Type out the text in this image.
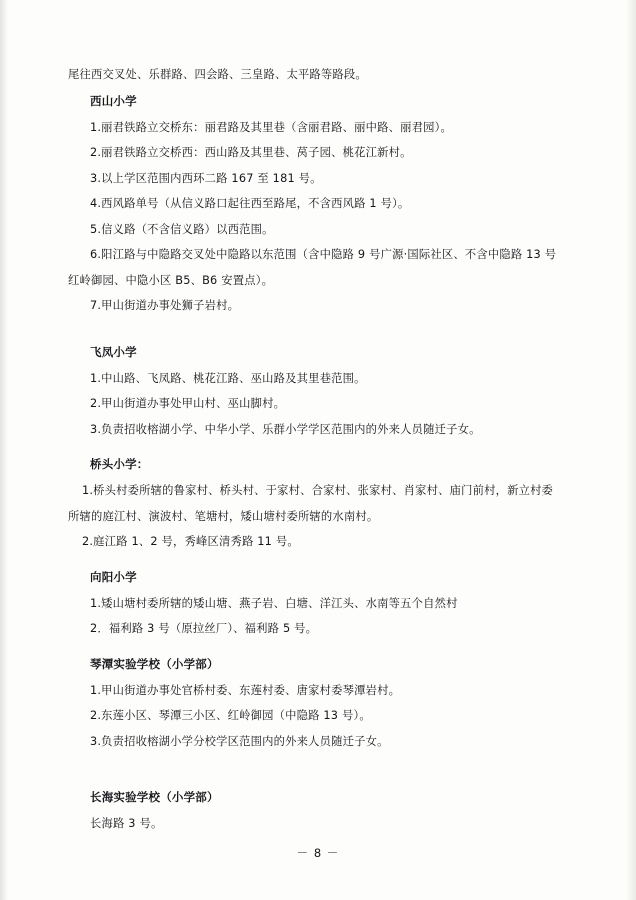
尾往西交叉处、乐群路、四会路、三皇路、太平路等路段。
西山小学
1.丽君铁路立交桥东：丽君路及其里巷（含丽君路、丽中路、丽君园）。
2.丽君铁路立交桥西：西山路及其里巷、莴子园、桃花江新村。
3.以上学区范围内西环二路 167 至 181 号。
4.西风路单号（从信义路口起往西至路尾，不含西风路 1 号）。
5.信义路（不含信义路）以西范围。
6.阳江路与中隐路交叉处中隐路以东范围（含中隐路 9 号广源·国际社区、不含中隐路 13 号
红岭御园、中隐小区 B5、B6 安置点）。
7.甲山街道办事处狮子岩村。
飞凤小学
1.中山路、飞凤路、桃花江路、巫山路及其里巷范围。
2.甲山街道办事处甲山村、巫山脚村。
3.负责招收榕湖小学、中华小学、乐群小学学区范围内的外来人员随迁子女。
桥头小学：
1.桥头村委所辖的鲁家村、桥头村、于家村、合家村、张家村、肖家村、庙门前村，新立村委
所辖的庭江村、演波村、笔塘村，矮山塘村委所辖的水南村。
2.庭江路 1、2 号，秀峰区清秀路 11 号。
向阳小学
1.矮山塘村委所辖的矮山塘、燕子岩、白塘、洋江头、水南等五个自然村
2．福利路 3 号（原拉丝厂）、福利路 5 号。
琴潭实验学校（小学部）
1.甲山街道办事处官桥村委、东莲村委、唐家村委琴潭岩村。
2.东莲小区、琴潭三小区、红岭御园（中隐路 13 号）。
3.负责招收榕湖小学分校学区范围内的外来人员随迁子女。
长海实验学校（小学部）
长海路 3 号。
－ 8 －
